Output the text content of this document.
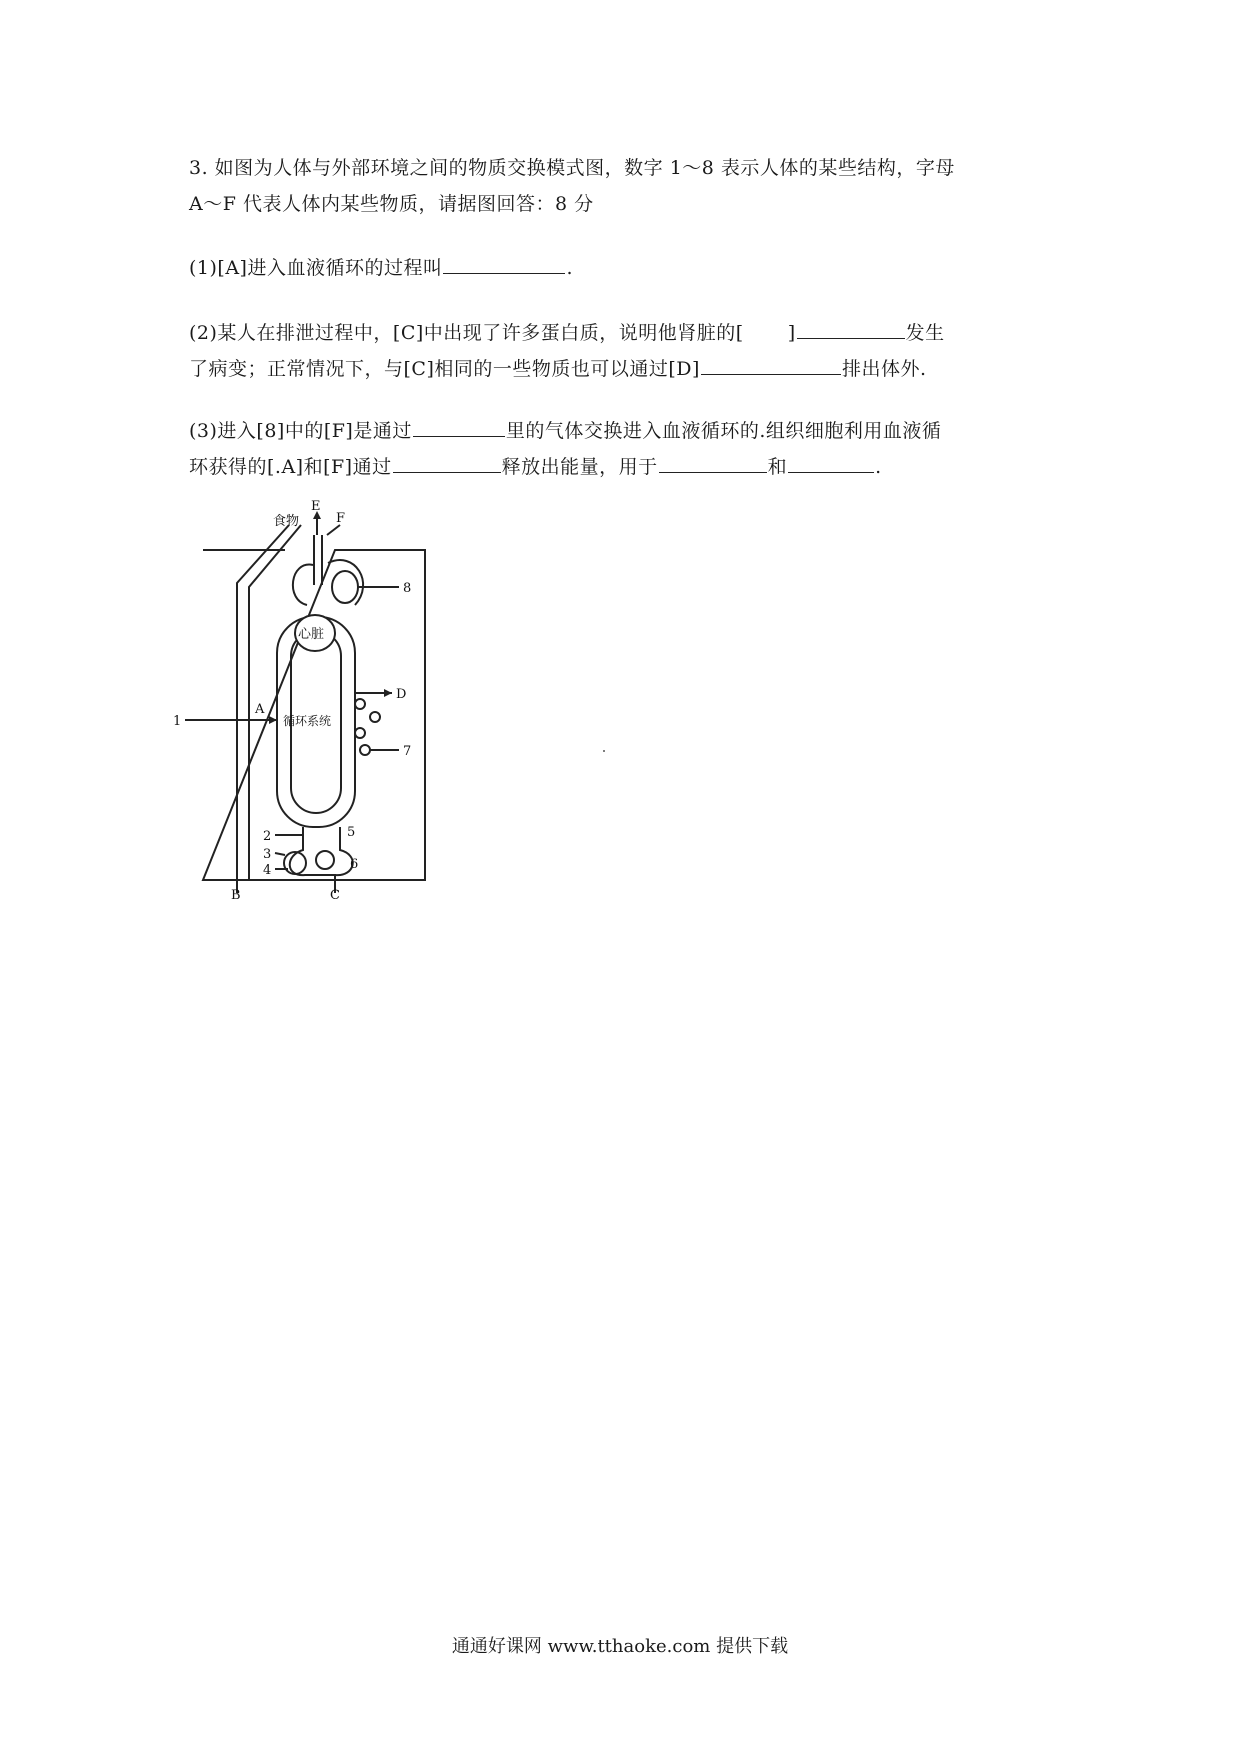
3. 如图为人体与外部环境之间的物质交换模式图，数字 1～8 表示人体的某些结构，字母
A～F 代表人体内某些物质，请据图回答：8 分
(1)[A]进入血液循环的过程叫	.
(2)某人在排泄过程中，[C]中出现了许多蛋白质，说明他肾脏的[ ]	发生
了病变；正常情况下，与[C]相同的一些物质也可以通过[D]	排出体外.
(3)进入[8]中的[F]是通过	里的气体交换进入血液循环的.组织细胞利用血液循
环获得的[.A]和[F]通过	释放出能量，用于	和	.
食物
E
F
8
心脏
D
1
A
循环系统
7
2
3
4
5
6
B	C
通通好课网 www.tthaoke.com 提供下载
